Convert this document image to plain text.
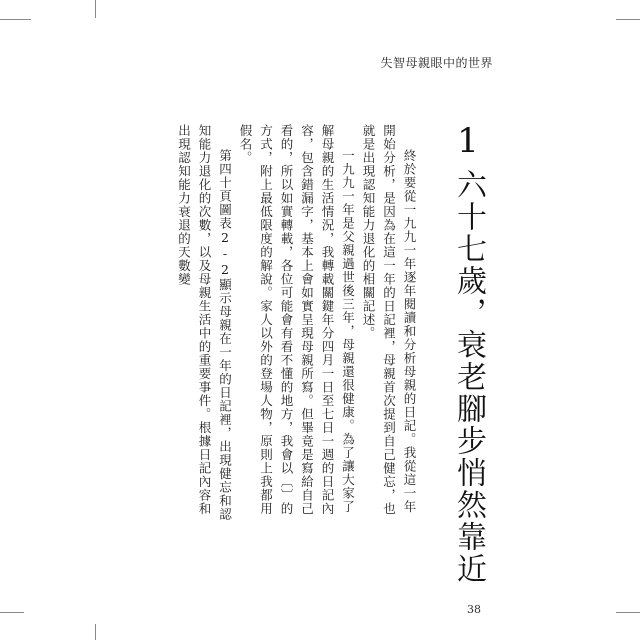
失智母親眼中的世界
1
六十七歲，衰老腳步悄然靠近

終於要從一九九一年逐年閱讀和分析母親的日記。我從這一年開始分析，是因為在這一年的日記裡，母親首次提到自己健忘，也就是出現認知能力退化的相關記述。

一九九一年是父親過世後三年，母親還很健康。為了讓大家了解母親的生活情況，我轉載關鍵年分四月一日至七日一週的日記內容，包含錯漏字，基本上會如實呈現母親所寫。但畢竟是寫給自己看的，所以如實轉載，各位可能會有看不懂的地方，我會以〔〕的方式，附上最低限度的解說。家人以外的登場人物，原則上我都用假名。

第四十頁圖表2-2顯示母親在一年的日記裡，出現健忘和認知能力退化的次數，以及母親生活中的重要事件。根據日記內容和出現認知能力衰退的天數變

38
